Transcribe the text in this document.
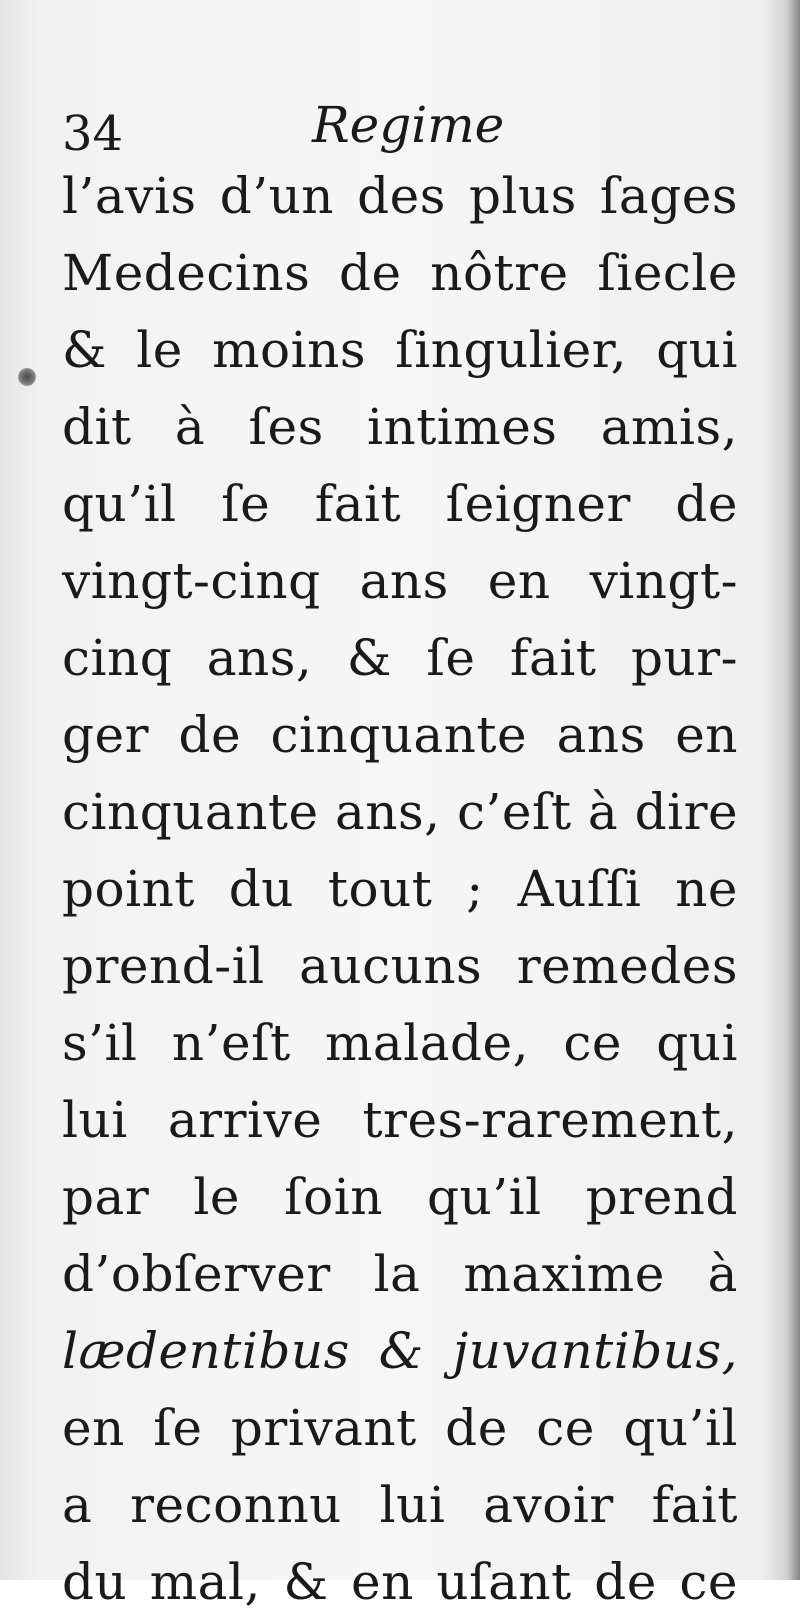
34	Regime
l’avis d’un des plus ſages
Medecins de nôtre ſiecle
& le moins ſingulier, qui
dit à ſes intimes amis,
qu’il ſe fait ſeigner de
vingt-cinq ans en vingt-
cinq ans, & ſe fait pur-
ger de cinquante ans en
cinquante ans, c’eſt à dire
point du tout ; Auſſi ne
prend-il aucuns remedes
s’il n’eſt malade, ce qui
lui arrive tres-rarement,
par le ſoin qu’il prend
d’obſerver la maxime à
lædentibus & juvantibus,
en ſe privant de ce qu’il
a reconnu lui avoir fait
du mal, & en uſant de ce
